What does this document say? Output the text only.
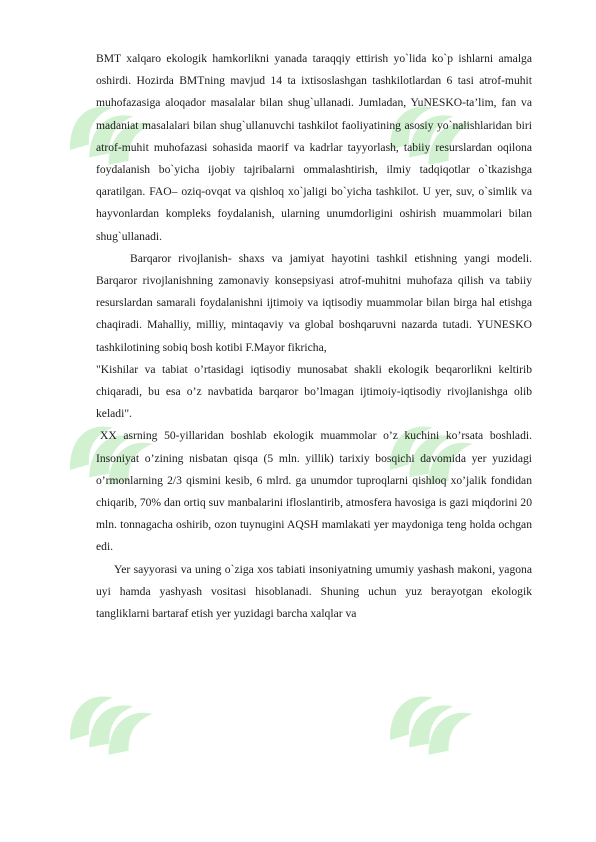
BMT xalqaro ekologik hamkorlikni yanada taraqqiy ettirish yo`lida ko`p ishlarni amalga oshirdi. Hozirda BMTning mavjud 14 ta ixtisoslashgan tashkilotlardan 6 tasi atrof-muhit muhofazasiga aloqador masalalar bilan shug`ullanadi. Jumladan, YuNESKO-ta’lim, fan va madaniat masalalari bilan shug`ullanuvchi tashkilot faoliyatining asosiy yo`nalishlaridan biri atrof-muhit muhofazasi sohasida maorif va kadrlar tayyorlash, tabiiy resurslardan oqilona foydalanish bo`yicha ijobiy tajribalarni ommalashtirish, ilmiy tadqiqotlar o`tkazishga qaratilgan. FAO– oziq-ovqat va qishloq xo`jaligi bo`yicha tashkilot. U yer, suv, o`simlik va hayvonlardan kompleks foydalanish, ularning unumdorligini oshirish muammolari bilan shug`ullanadi.

Barqaror rivojlanish- shaxs va jamiyat hayotini tashkil etishning yangi modeli. Barqaror rivojlanishning zamonaviy konsepsiyasi atrof-muhitni muhofaza qilish va tabiiy resurslardan samarali foydalanishni ijtimoiy va iqtisodiy muammolar bilan birga hal etishga chaqiradi. Mahalliy, milliy, mintaqaviy va global boshqaruvni nazarda tutadi. YUNESKO tashkilotining sobiq bosh kotibi F.Mayor fikricha,

"Kishilar va tabiat o’rtasidagi iqtisodiy munosabat shakli ekologik beqarorlikni keltirib chiqaradi, bu esa o’z navbatida barqaror bo’lmagan ijtimoiy-iqtisodiy rivojlanishga olib keladi".

XX asrning 50-yillaridan boshlab ekologik muammolar o’z kuchini ko’rsata boshladi. Insoniyat o’zining nisbatan qisqa (5 mln. yillik) tarixiy bosqichi davomida yer yuzidagi o’rmonlarning 2/3 qismini kesib, 6 mlrd. ga unumdor tuproqlarni qishloq xo’jalik fondidan chiqarib, 70% dan ortiq suv manbalarini ifloslantirib, atmosfera havosiga is gazi miqdorini 20 mln. tonnagacha oshirib, ozon tuynugini AQSH mamlakati yer maydoniga teng holda ochgan edi.

Yer sayyorasi va uning o`ziga xos tabiati insoniyatning umumiy yashash makoni, yagona uyi hamda yashyash vositasi hisoblanadi. Shuning uchun yuz berayotgan ekologik tangliklarni bartaraf etish yer yuzidagi barcha xalqlar va
